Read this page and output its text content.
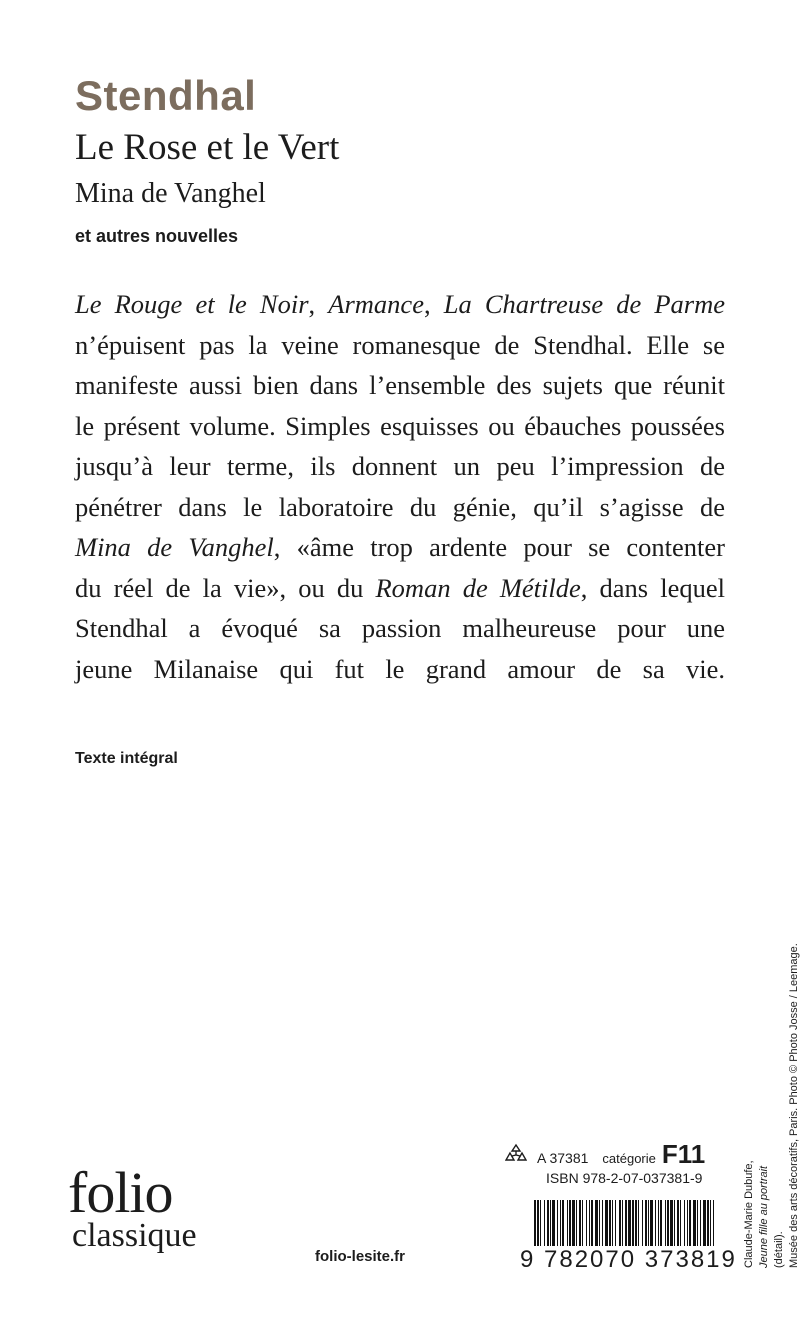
Stendhal
Le Rose et le Vert
Mina de Vanghel
et autres nouvelles
Le Rouge et le Noir, Armance, La Chartreuse de Parme
n’épuisent pas la veine romanesque de Stendhal. Elle se
manifeste aussi bien dans l’ensemble des sujets que réunit
le présent volume. Simples esquisses ou ébauches poussées
jusqu’à leur terme, ils donnent un peu l’impression de
pénétrer dans le laboratoire du génie, qu’il s’agisse de
Mina de Vanghel, «âme trop ardente pour se contenter
du réel de la vie», ou du Roman de Métilde, dans lequel
Stendhal a évoqué sa passion malheureuse pour une
jeune Milanaise qui fut le grand amour de sa vie.
Texte intégral
folio
classique
folio-lesite.fr
A 37381 catégorie F11
ISBN 978-2-07-037381-9
9 782070 373819 Claude-Marie Dubufe, Jeune fille au portrait (détail). Musée des arts décoratifs, Paris. Photo © Photo Josse / Leemage.
